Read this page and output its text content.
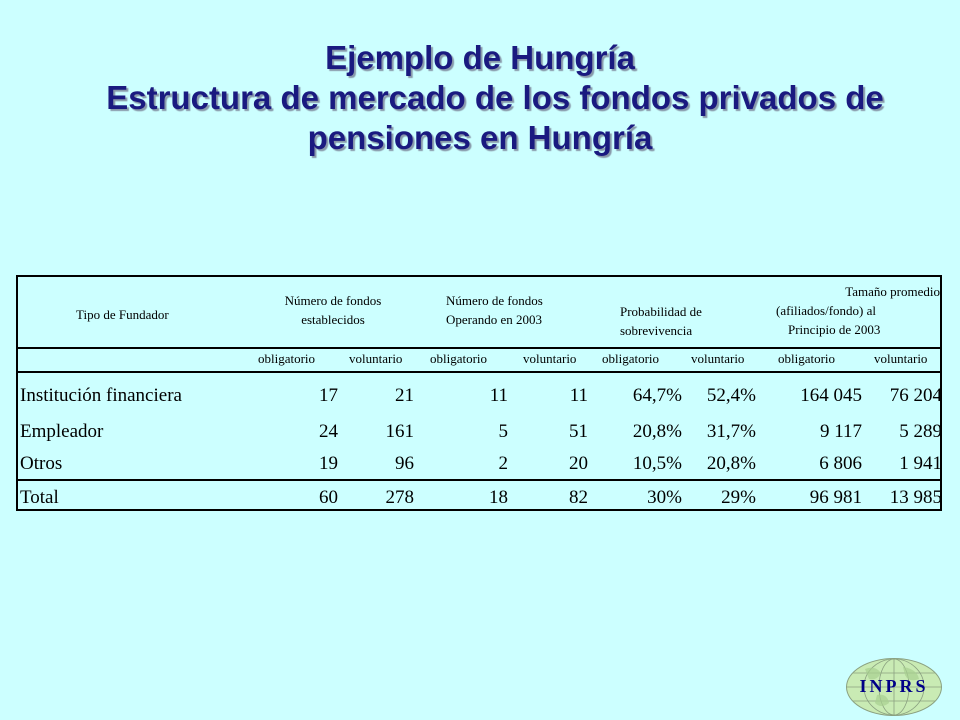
Ejemplo de Hungría
Estructura de mercado de los fondos privados de
pensiones en Hungría
Tipo de Fundador
Número de fondos
establecidos
Número de fondos
Operando en 2003
Probabilidad de
sobrevivencia
Tamaño promedio
(afiliados/fondo) al
Principio de 2003
obligatorio	voluntario obligatorio	voluntario obligatorio voluntario	obligatorio	voluntario
Institución financiera	17	21	11	11	64,7%	52,4%	164 045	76 204
Empleador	24	161	5	51	20,8%	31,7%	9 117	5 289
Otros	19	96	2	20	10,5%	20,8%	6 806	1 941
Total	60	278	18	82	30%	29%	96 981	13 985
INPRS
